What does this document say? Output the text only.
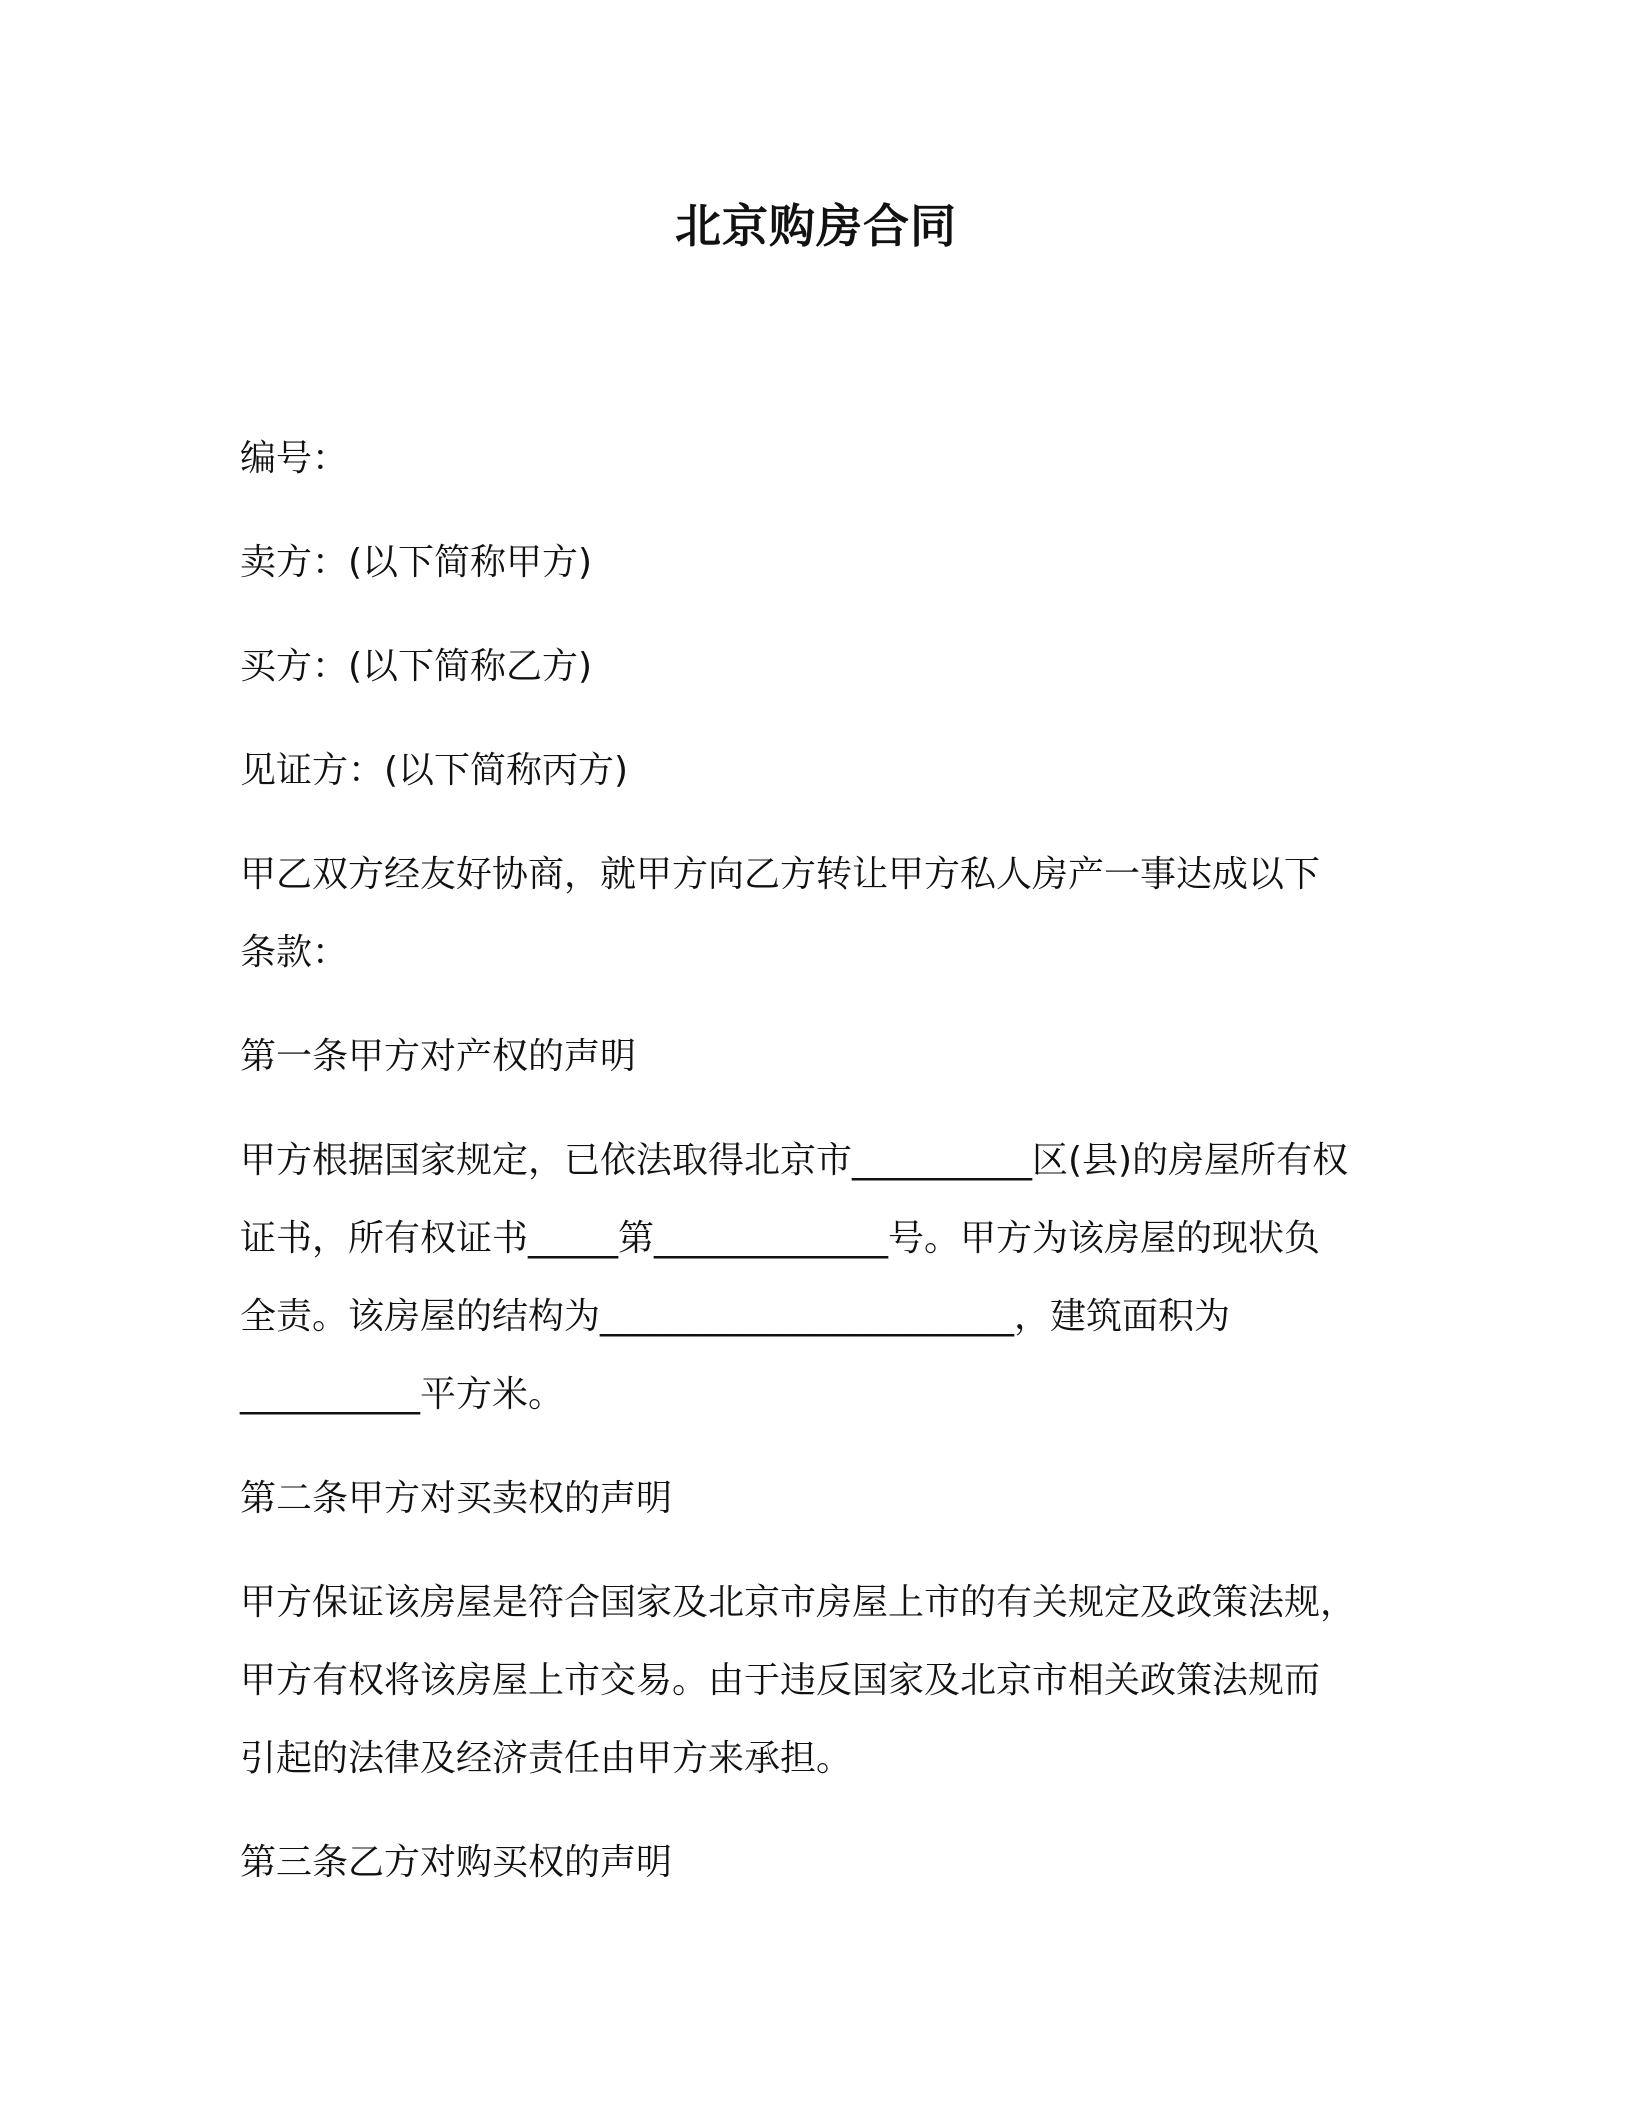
北京购房合同
编号：
卖方：(以下简称甲方)
买方：(以下简称乙方)
见证方：(以下简称丙方)
甲乙双方经友好协商，就甲方向乙方转让甲方私人房产一事达成以下
条款：
第一条甲方对产权的声明
甲方根据国家规定，已依法取得北京市__________区(县)的房屋所有权
证书，所有权证书_____第_____________号。甲方为该房屋的现状负
全责。该房屋的结构为_______________________，建筑面积为
__________平方米。
第二条甲方对买卖权的声明
甲方保证该房屋是符合国家及北京市房屋上市的有关规定及政策法规，
甲方有权将该房屋上市交易。由于违反国家及北京市相关政策法规而
引起的法律及经济责任由甲方来承担。
第三条乙方对购买权的声明
